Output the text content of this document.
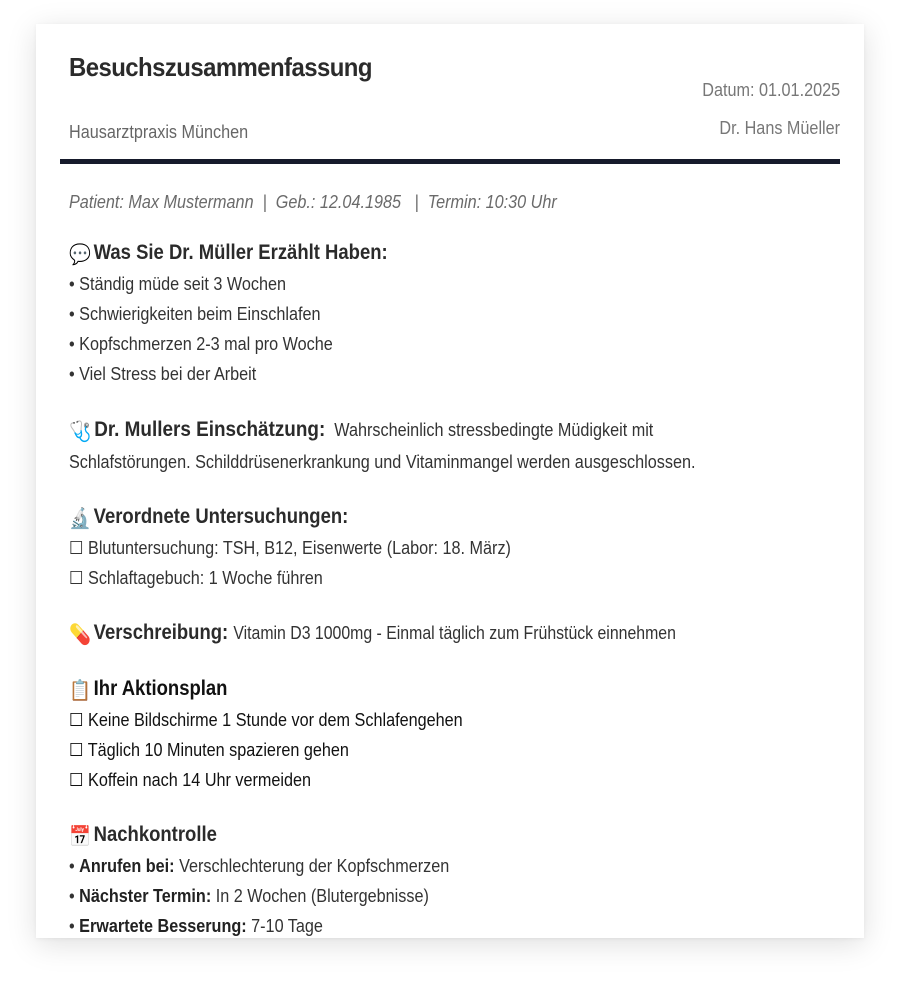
Besuchszusammenfassung
Hausarztpraxis München
Datum: 01.01.2025
Dr. Hans Müeller
Patient: Max Mustermann  |  Geb.: 12.04.1985   |  Termin: 10:30 Uhr
💬 Was Sie Dr. Müller Erzählt Haben:
• Ständig müde seit 3 Wochen
• Schwierigkeiten beim Einschlafen
• Kopfschmerzen 2-3 mal pro Woche
• Viel Stress bei der Arbeit
🩺 Dr. Mullers Einschätzung: Wahrscheinlich stressbedingte Müdigkeit mit Schlafstörungen. Schilddrüsenerkrankung und Vitaminmangel werden ausgeschlossen.
🔬 Verordnete Untersuchungen:
☐ Blutuntersuchung: TSH, B12, Eisenwerte (Labor: 18. März)
☐ Schlaftagebuch: 1 Woche führen
💊 Verschreibung: Vitamin D3 1000mg - Einmal täglich zum Frühstück einnehmen
📋 Ihr Aktionsplan
☐ Keine Bildschirme 1 Stunde vor dem Schlafengehen
☐ Täglich 10 Minuten spazieren gehen
☐ Koffein nach 14 Uhr vermeiden
📅 Nachkontrolle
• Anrufen bei: Verschlechterung der Kopfschmerzen
• Nächster Termin: In 2 Wochen (Blutergebnisse)
• Erwartete Besserung: 7-10 Tage
